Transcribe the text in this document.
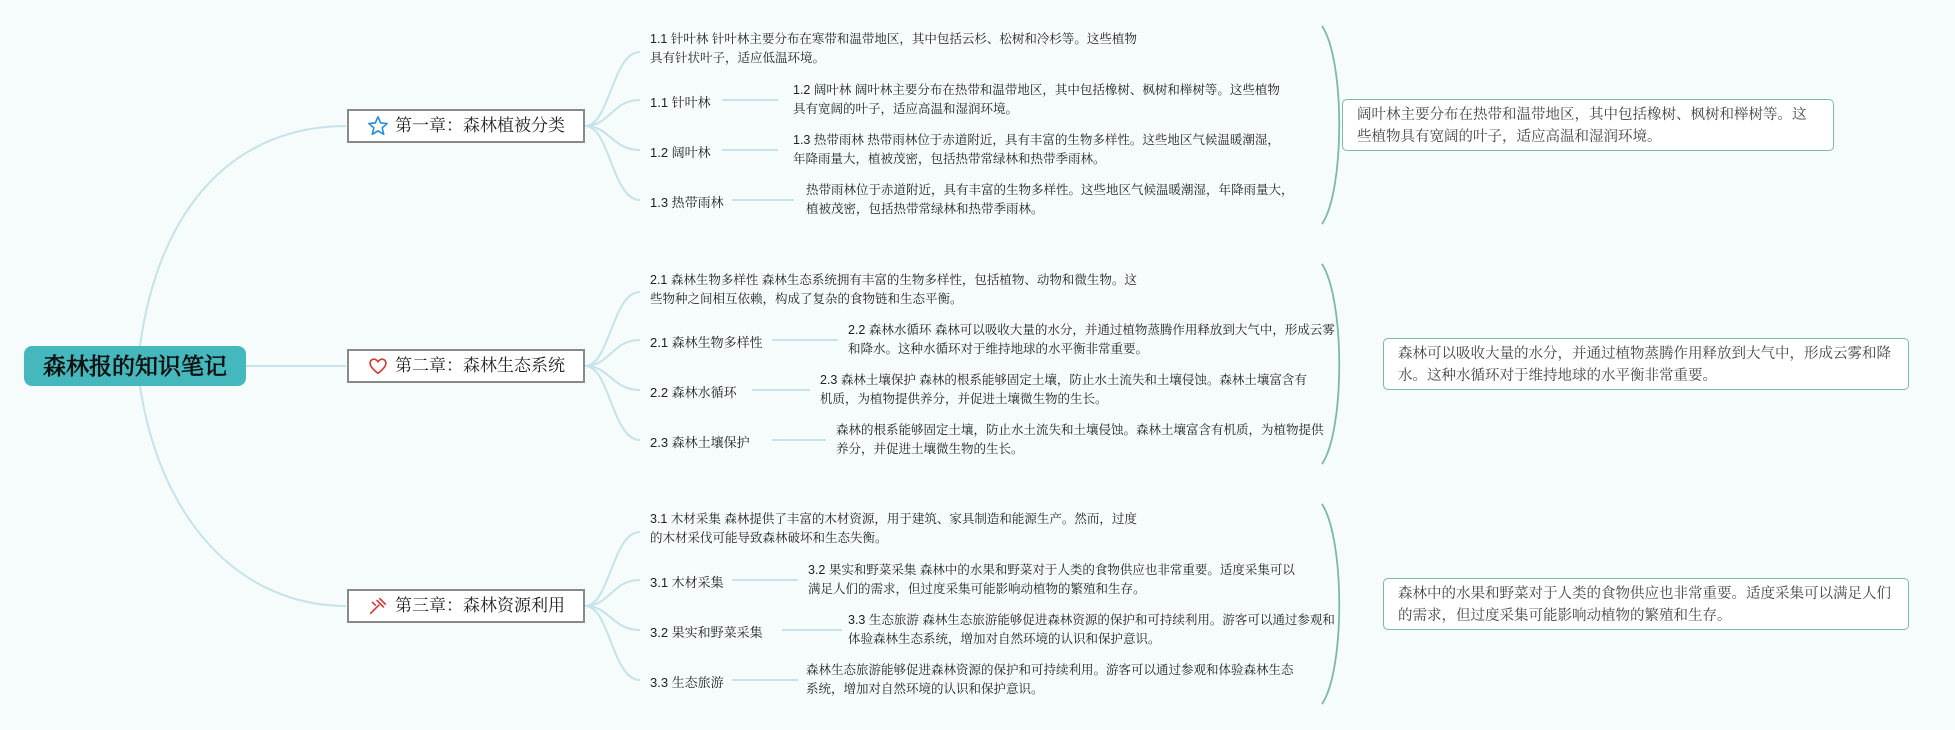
森林报的知识笔记
第一章：森林植被分类
1.1 针叶林 针叶林主要分布在寒带和温带地区，其中包括云杉、松树和冷杉等。这些植物具有针状叶子，适应低温环境。
1.1 针叶林
1.2 阔叶林 阔叶林主要分布在热带和温带地区，其中包括橡树、枫树和榉树等。这些植物具有宽阔的叶子，适应高温和湿润环境。
1.2 阔叶林
1.3 热带雨林 热带雨林位于赤道附近，具有丰富的生物多样性。这些地区气候温暖潮湿，年降雨量大，植被茂密，包括热带常绿林和热带季雨林。
1.3 热带雨林
热带雨林位于赤道附近，具有丰富的生物多样性。这些地区气候温暖潮湿，年降雨量大，植被茂密，包括热带常绿林和热带季雨林。
阔叶林主要分布在热带和温带地区，其中包括橡树、枫树和榉树等。这些植物具有宽阔的叶子，适应高温和湿润环境。
第二章：森林生态系统
2.1 森林生物多样性 森林生态系统拥有丰富的生物多样性，包括植物、动物和微生物。这些物种之间相互依赖，构成了复杂的食物链和生态平衡。
2.1 森林生物多样性
2.2 森林水循环 森林可以吸收大量的水分，并通过植物蒸腾作用释放到大气中，形成云雾和降水。这种水循环对于维持地球的水平衡非常重要。
2.2 森林水循环
2.3 森林土壤保护 森林的根系能够固定土壤，防止水土流失和土壤侵蚀。森林土壤富含有机质，为植物提供养分，并促进土壤微生物的生长。
2.3 森林土壤保护
森林的根系能够固定土壤，防止水土流失和土壤侵蚀。森林土壤富含有机质，为植物提供养分，并促进土壤微生物的生长。
森林可以吸收大量的水分，并通过植物蒸腾作用释放到大气中，形成云雾和降水。这种水循环对于维持地球的水平衡非常重要。
第三章：森林资源利用
3.1 木材采集 森林提供了丰富的木材资源，用于建筑、家具制造和能源生产。然而，过度的木材采伐可能导致森林破坏和生态失衡。
3.1 木材采集
3.2 果实和野菜采集 森林中的水果和野菜对于人类的食物供应也非常重要。适度采集可以满足人们的需求，但过度采集可能影响动植物的繁殖和生存。
3.2 果实和野菜采集
3.3 生态旅游 森林生态旅游能够促进森林资源的保护和可持续利用。游客可以通过参观和体验森林生态系统，增加对自然环境的认识和保护意识。
3.3 生态旅游
森林生态旅游能够促进森林资源的保护和可持续利用。游客可以通过参观和体验森林生态系统，增加对自然环境的认识和保护意识。
森林中的水果和野菜对于人类的食物供应也非常重要。适度采集可以满足人们的需求，但过度采集可能影响动植物的繁殖和生存。
